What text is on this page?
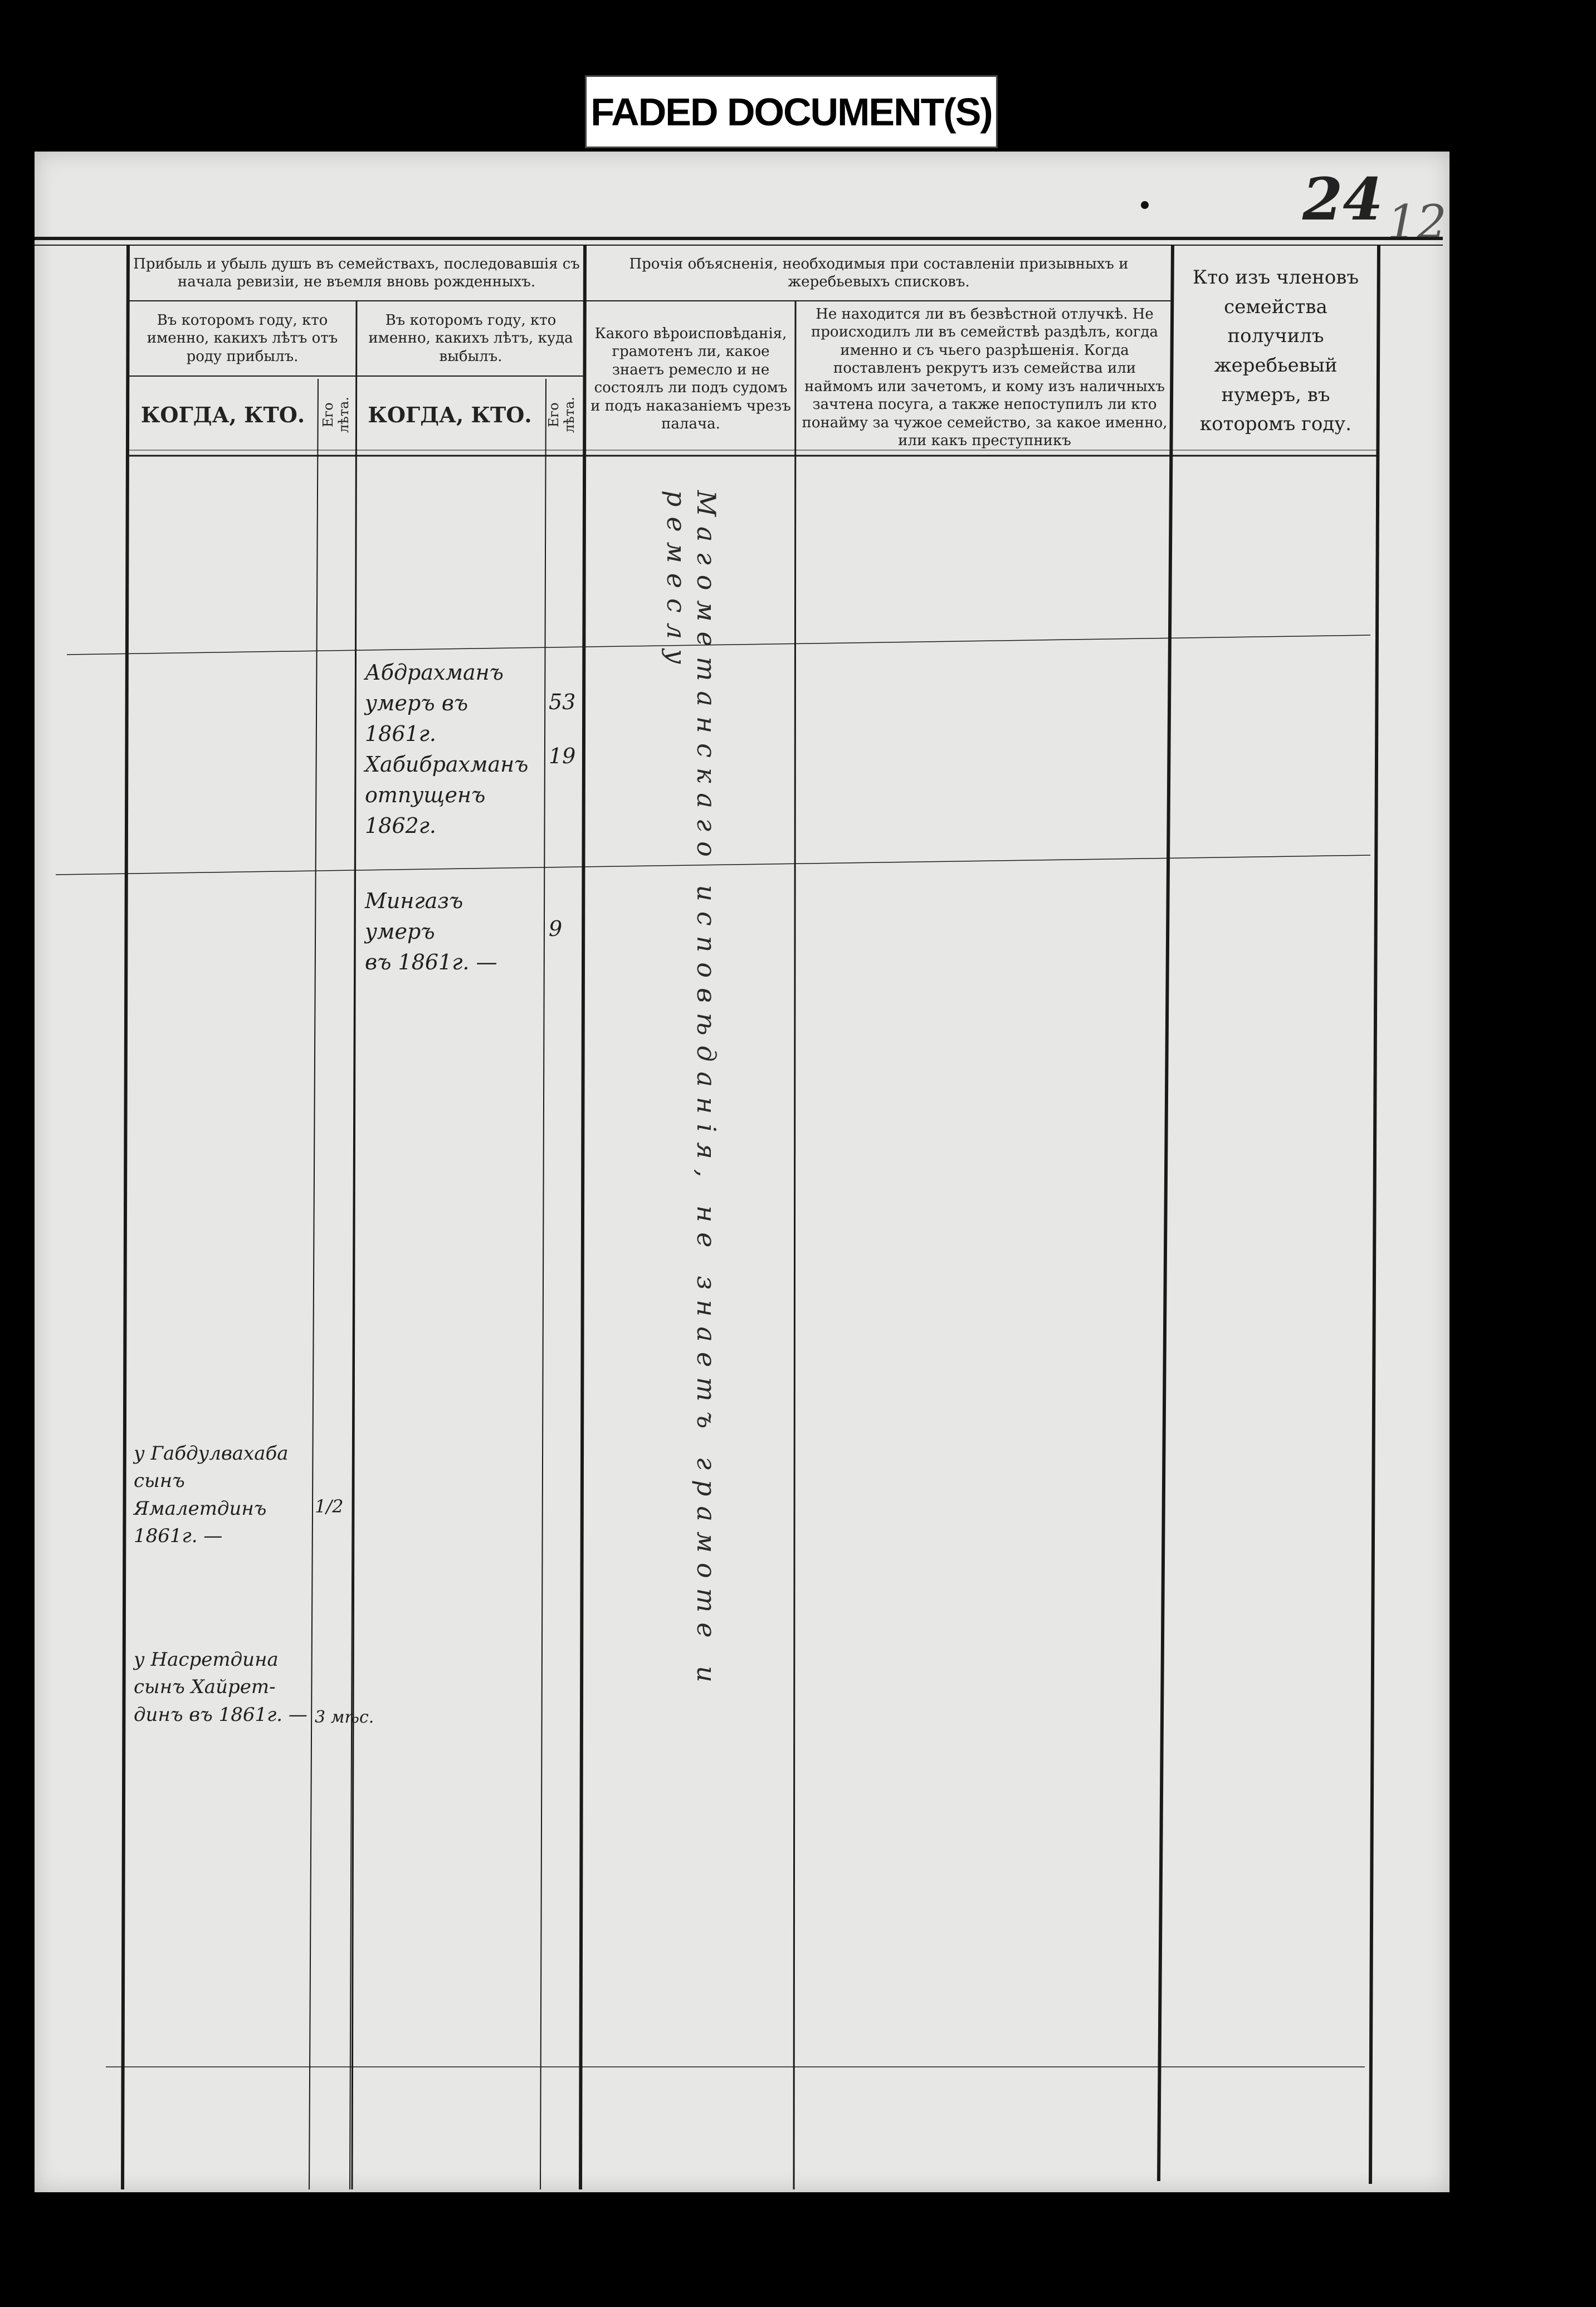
FADED DOCUMENT(S)
24 12
Прибыль и убыль душъ въ семействахъ, последовавшiя съ начала ревизiи, не въемля вновь рожденныхъ.
Въ которомъ году, кто именно, какихъ лѣтъ отъ роду прибылъ.
Въ которомъ году, кто именно, какихъ лѣтъ, куда выбылъ.
КОГДА, КТО.	Его лѣта. КОГДА, КТО.	Его лѣта.
Прочiя объясненiя, необходимыя при составленiи призывныхъ и жеребьевыхъ списковъ.
Какого вѣроисповѣданiя, грамотенъ ли, какое знаетъ ремесло и не состоялъ ли подъ судомъ и подъ наказанiемъ чрезъ палача.
Не находится ли въ безвѣстной отлучкѣ. Не происходилъ ли въ семействѣ раздѣлъ, когда именно и съ чьего разрѣшенiя. Когда поставленъ рекрутъ изъ семейства или наймомъ или зачетомъ, и кому изъ наличныхъ зачтена посуга, а также непоступилъ ли кто понайму за чужое семейство, за какое именно, или какъ преступникъ
Кто изъ членовъ семейства получилъ жеребьевый нумеръ, въ которомъ году.
Абдрахманъ
умеръ въ 1861г.
Хабибрахманъ
отпущенъ 1862г.
53
19
Мингазъ умеръ
въ 1861г. —
9
у Габдулвахаба
сынъ Ямалетдинъ
1861г. —
1/2
у Насретдина
сынъ Хайрет-
динъ въ 1861г. — 3 мѣс.
Магометанскаго исповѣданiя, не знаетъ грамоте и ремеслу
